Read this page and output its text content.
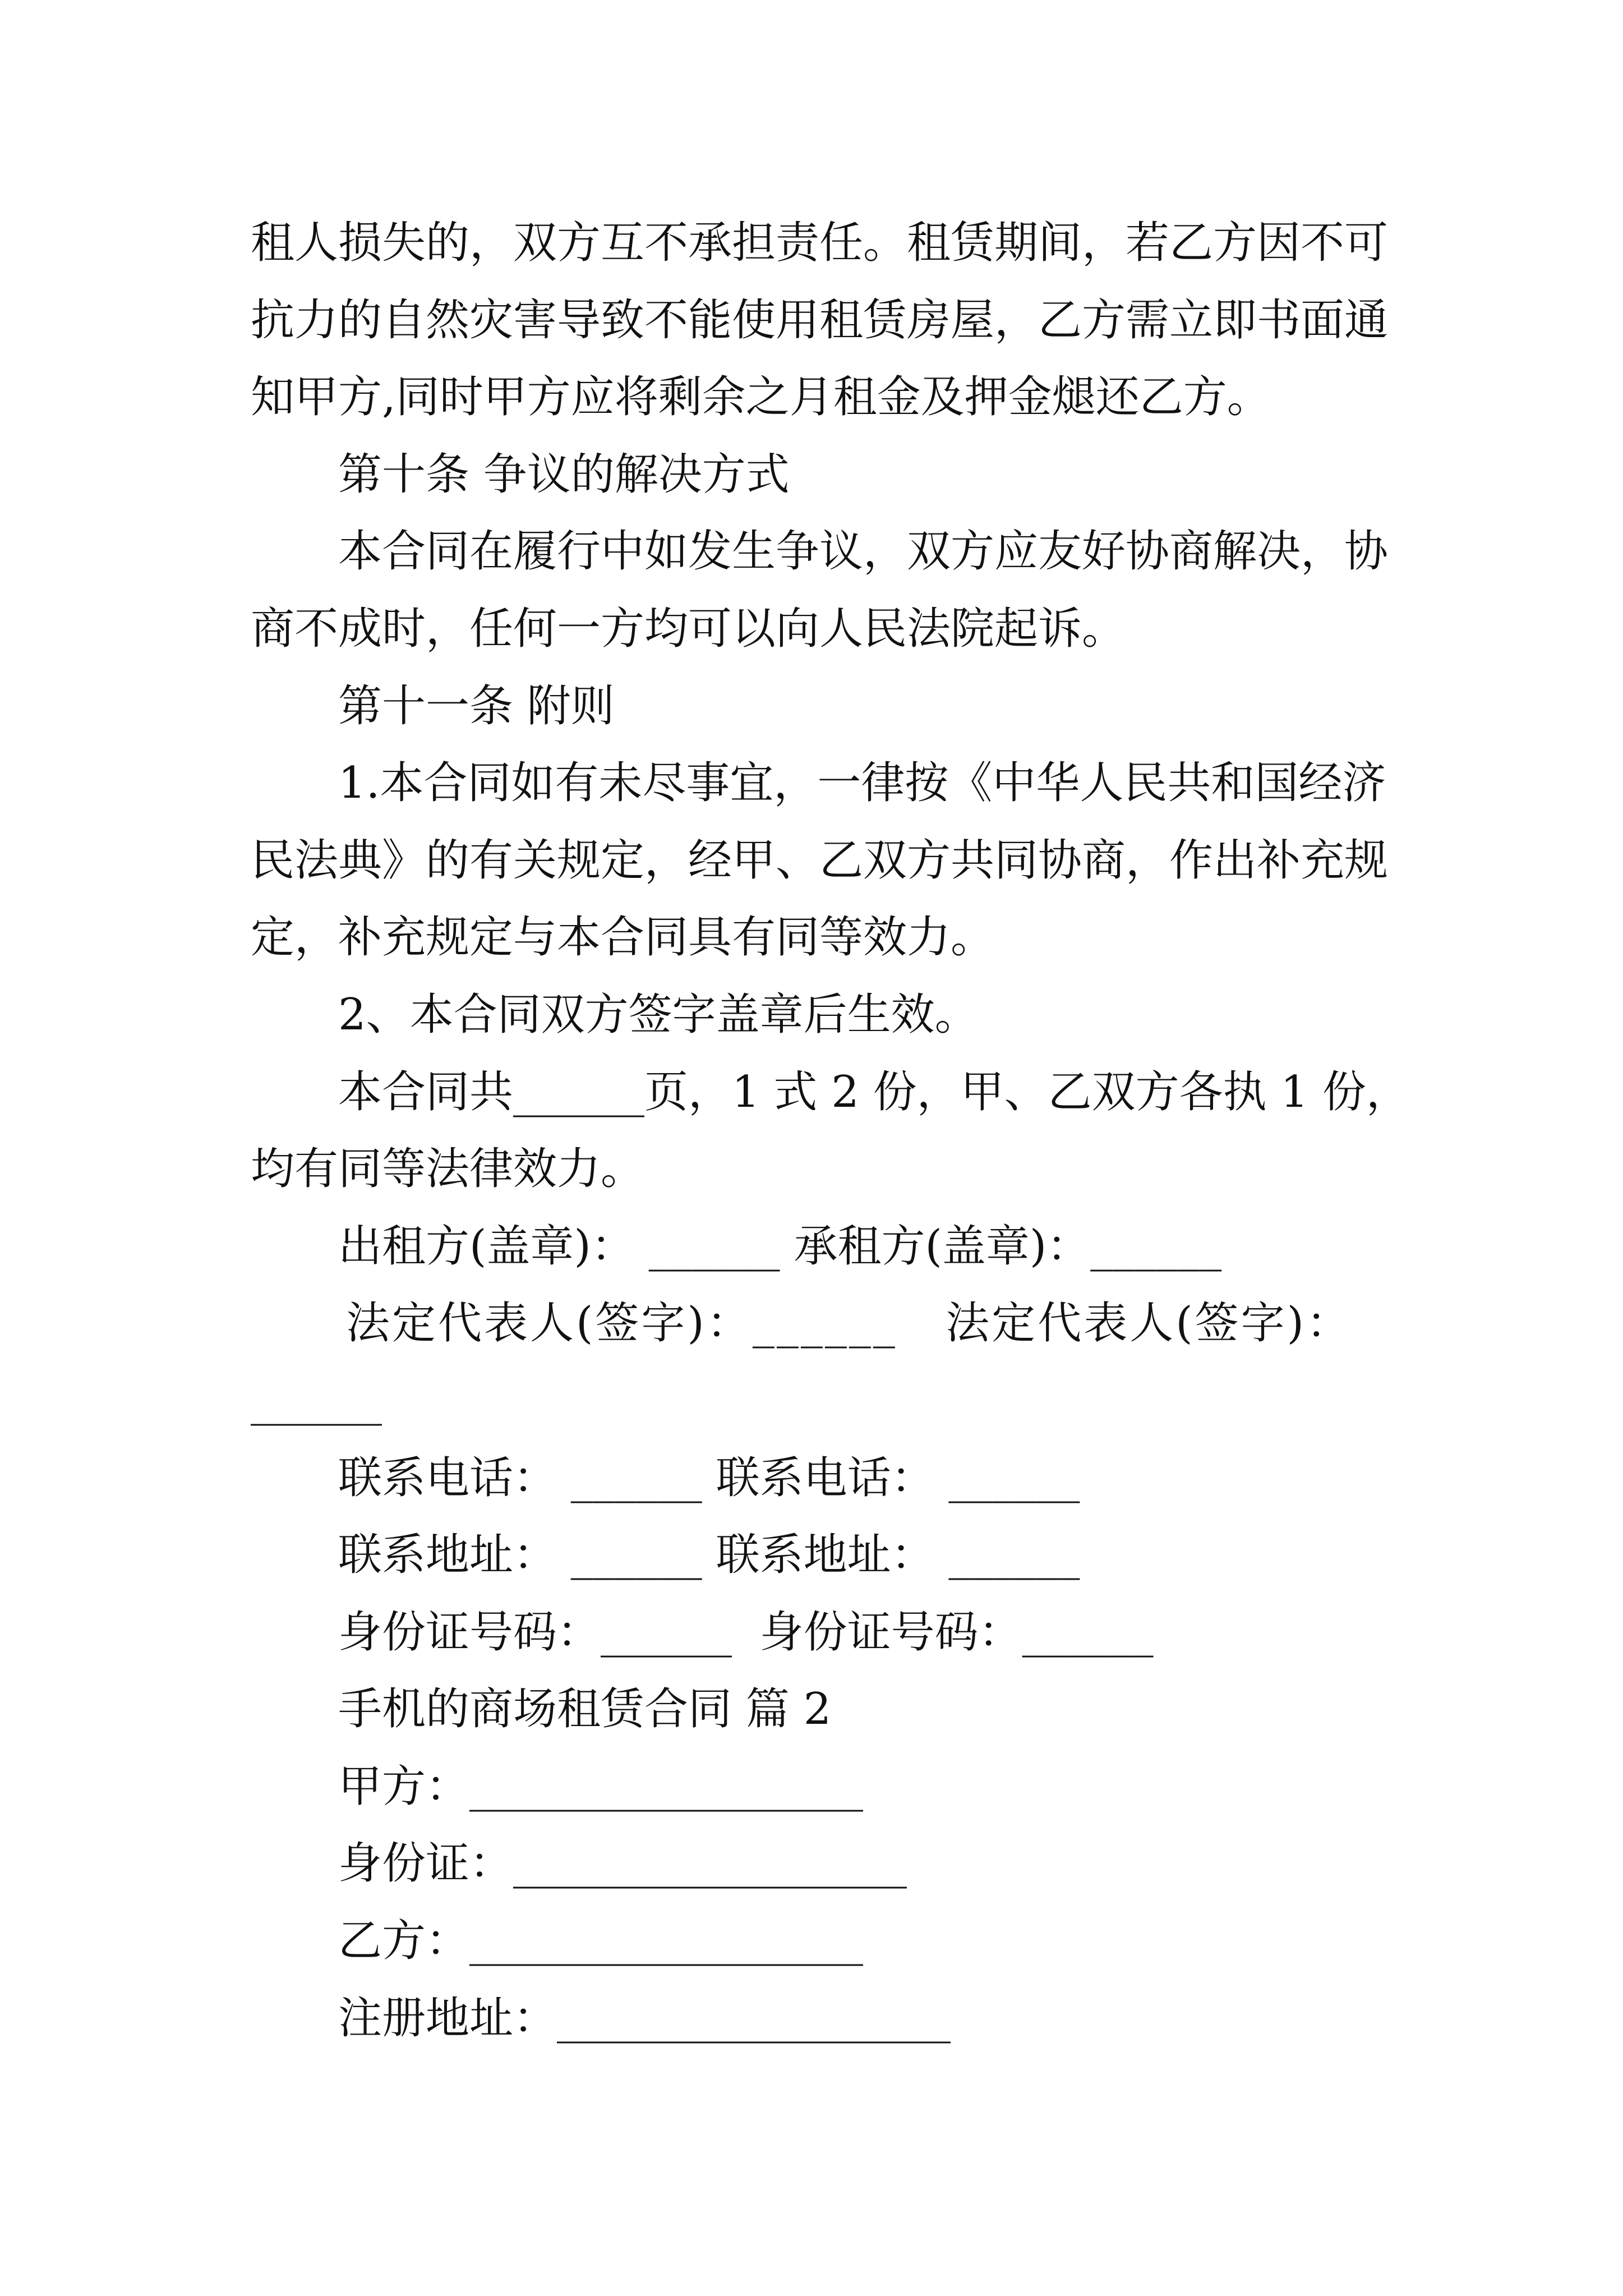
租人损失的，双方互不承担责任。租赁期间，若乙方因不可
抗力的自然灾害导致不能使用租赁房屋，乙方需立即书面通
知甲方,同时甲方应将剩余之月租金及押金煺还乙方。
第十条 争议的解决方式
本合同在履行中如发生争议，双方应友好协商解决，协
商不成时，任何一方均可以向人民法院起诉。
第十一条 附则
1.本合同如有未尽事宜，一律按《中华人民共和国经济
民法典》的有关规定，经甲、乙双方共同协商，作出补充规
定，补充规定与本合同具有同等效力。
2、本合同双方签字盖章后生效。
本合同共______页，1 式 2 份，甲、乙双方各执 1 份，
均有同等法律效力。
出租方(盖章)： ______ 承租方(盖章)：______
法定代表人(签字)：______   法定代表人(签字)：
______
联系电话： ______ 联系电话： ______
联系地址： ______ 联系地址： ______
身份证号码：______  身份证号码：______
手机的商场租赁合同 篇 2
甲方：__________________
身份证：__________________
乙方：__________________
注册地址：__________________
